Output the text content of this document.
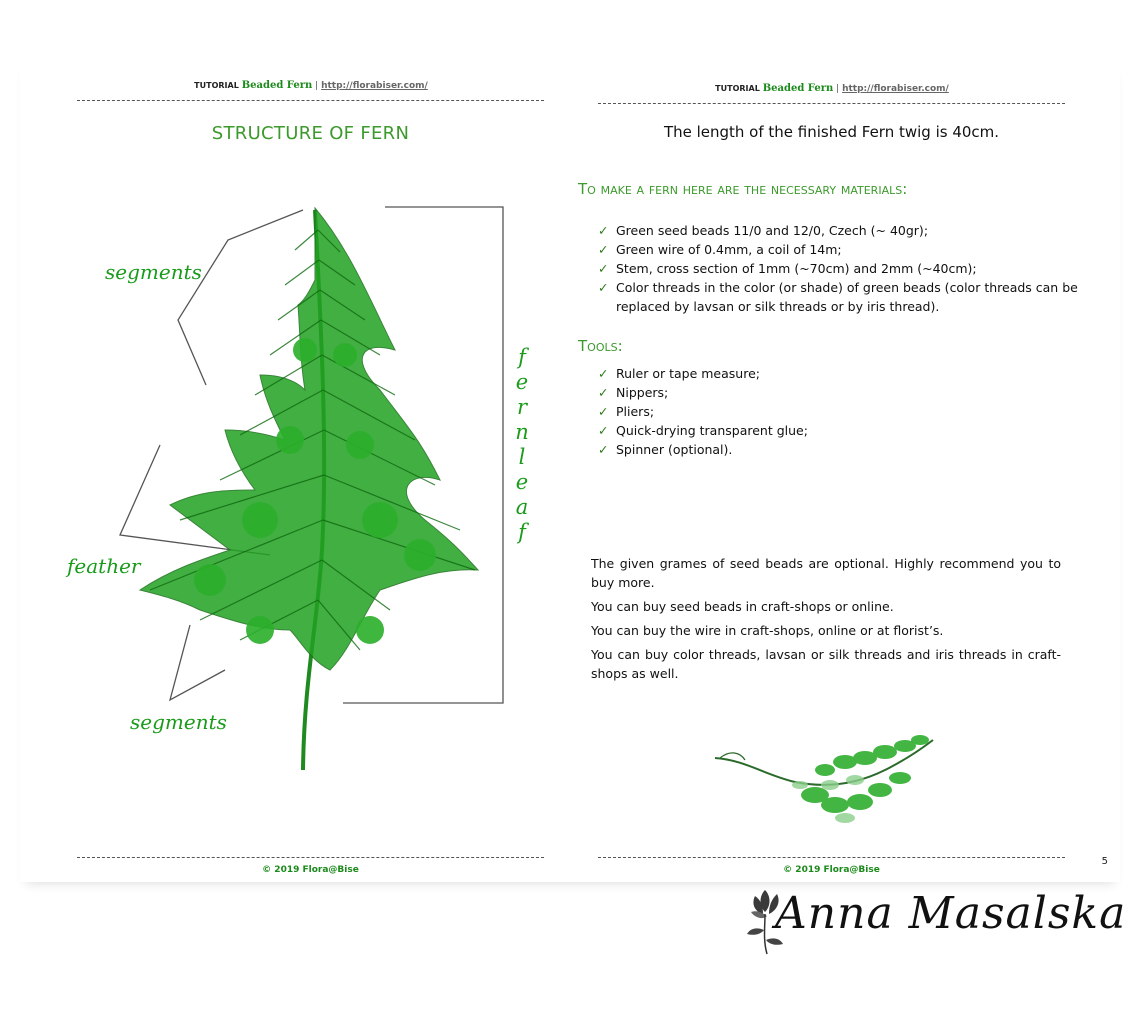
TUTORIAL Beaded Fern | http://florabiser.com/
STRUCTURE OF FERN
segments
feather
segments
f
e
r
n
l
e
a
f
© 2019 Flora@Bise
TUTORIAL Beaded Fern | http://florabiser.com/
The length of the finished Fern twig is 40cm.
To make a fern here are the necessary materials:
✓ Green seed beads 11/0 and 12/0, Czech (~ 40gr);
✓ Green wire of 0.4mm, a coil of 14m;
✓ Stem, cross section of 1mm (~70cm) and 2mm (~40cm);
✓ Color threads in the color (or shade) of green beads (color threads can be replaced by lavsan or silk threads or by iris thread).
Tools:
✓ Ruler or tape measure;
✓ Nippers;
✓ Pliers;
✓ Quick-drying transparent glue;
✓ Spinner (optional).

The given grames of seed beads are optional. Highly recommend you to buy more.

You can buy seed beads in craft-shops or online.

You can buy the wire in craft-shops, online or at florist’s.

You can buy color threads, lavsan or silk threads and iris threads in craft-shops as well.

© 2019 Flora@Bise
5
Anna Masalska
